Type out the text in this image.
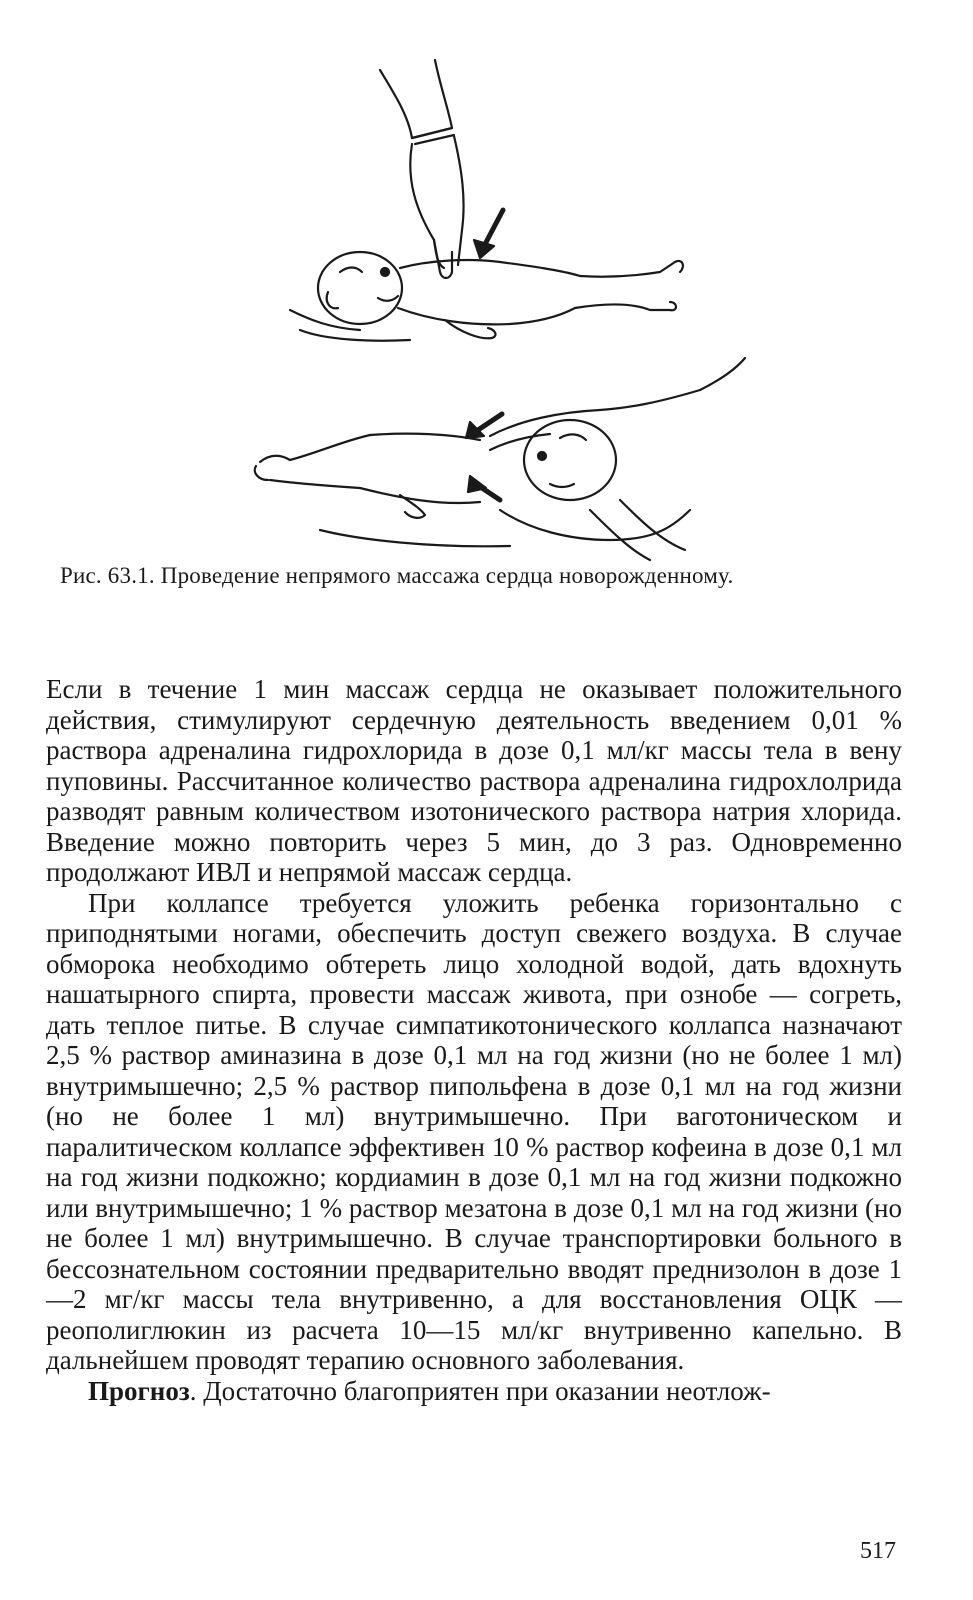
Рис. 63.1. Проведение непрямого массажа сердца новорожденному.

Если в течение 1 мин массаж сердца не оказывает положительного действия, стимулируют сердечную деятельность введением 0,01 % раствора адреналина гидрохлорида в дозе 0,1 мл/кг массы тела в вену пуповины. Рассчитанное количество раствора адреналина гидрохлолрида разводят равным количеством изотонического раствора натрия хлорида. Введение можно повторить через 5 мин, до 3 раз. Одновременно продолжают ИВЛ и непрямой массаж сердца.

При коллапсе требуется уложить ребенка горизонтально с приподнятыми ногами, обеспечить доступ свежего воздуха. В случае обморока необходимо обтереть лицо холодной водой, дать вдохнуть нашатырного спирта, провести массаж живота, при ознобе — согреть, дать теплое питье. В случае симпатикотонического коллапса назначают 2,5 % раствор аминазина в дозе 0,1 мл на год жизни (но не более 1 мл) внутримышечно; 2,5 % раствор пипольфена в дозе 0,1 мл на год жизни (но не более 1 мл) внутримышечно. При ваготоническом и паралитическом коллапсе эффективен 10 % раствор кофеина в дозе 0,1 мл на год жизни подкожно; кордиамин в дозе 0,1 мл на год жизни подкожно или внутримышечно; 1 % раствор мезатона в дозе 0,1 мл на год жизни (но не более 1 мл) внутримышечно. В случае транспортировки больного в бессознательном состоянии предварительно вводят преднизолон в дозе 1—2 мг/кг массы тела внутривенно, а для восстановления ОЦК — реополиглюкин из расчета 10—15 мл/кг внутривенно капельно. В дальнейшем проводят терапию основного заболевания.

Прогноз. Достаточно благоприятен при оказании неотлож-

517
